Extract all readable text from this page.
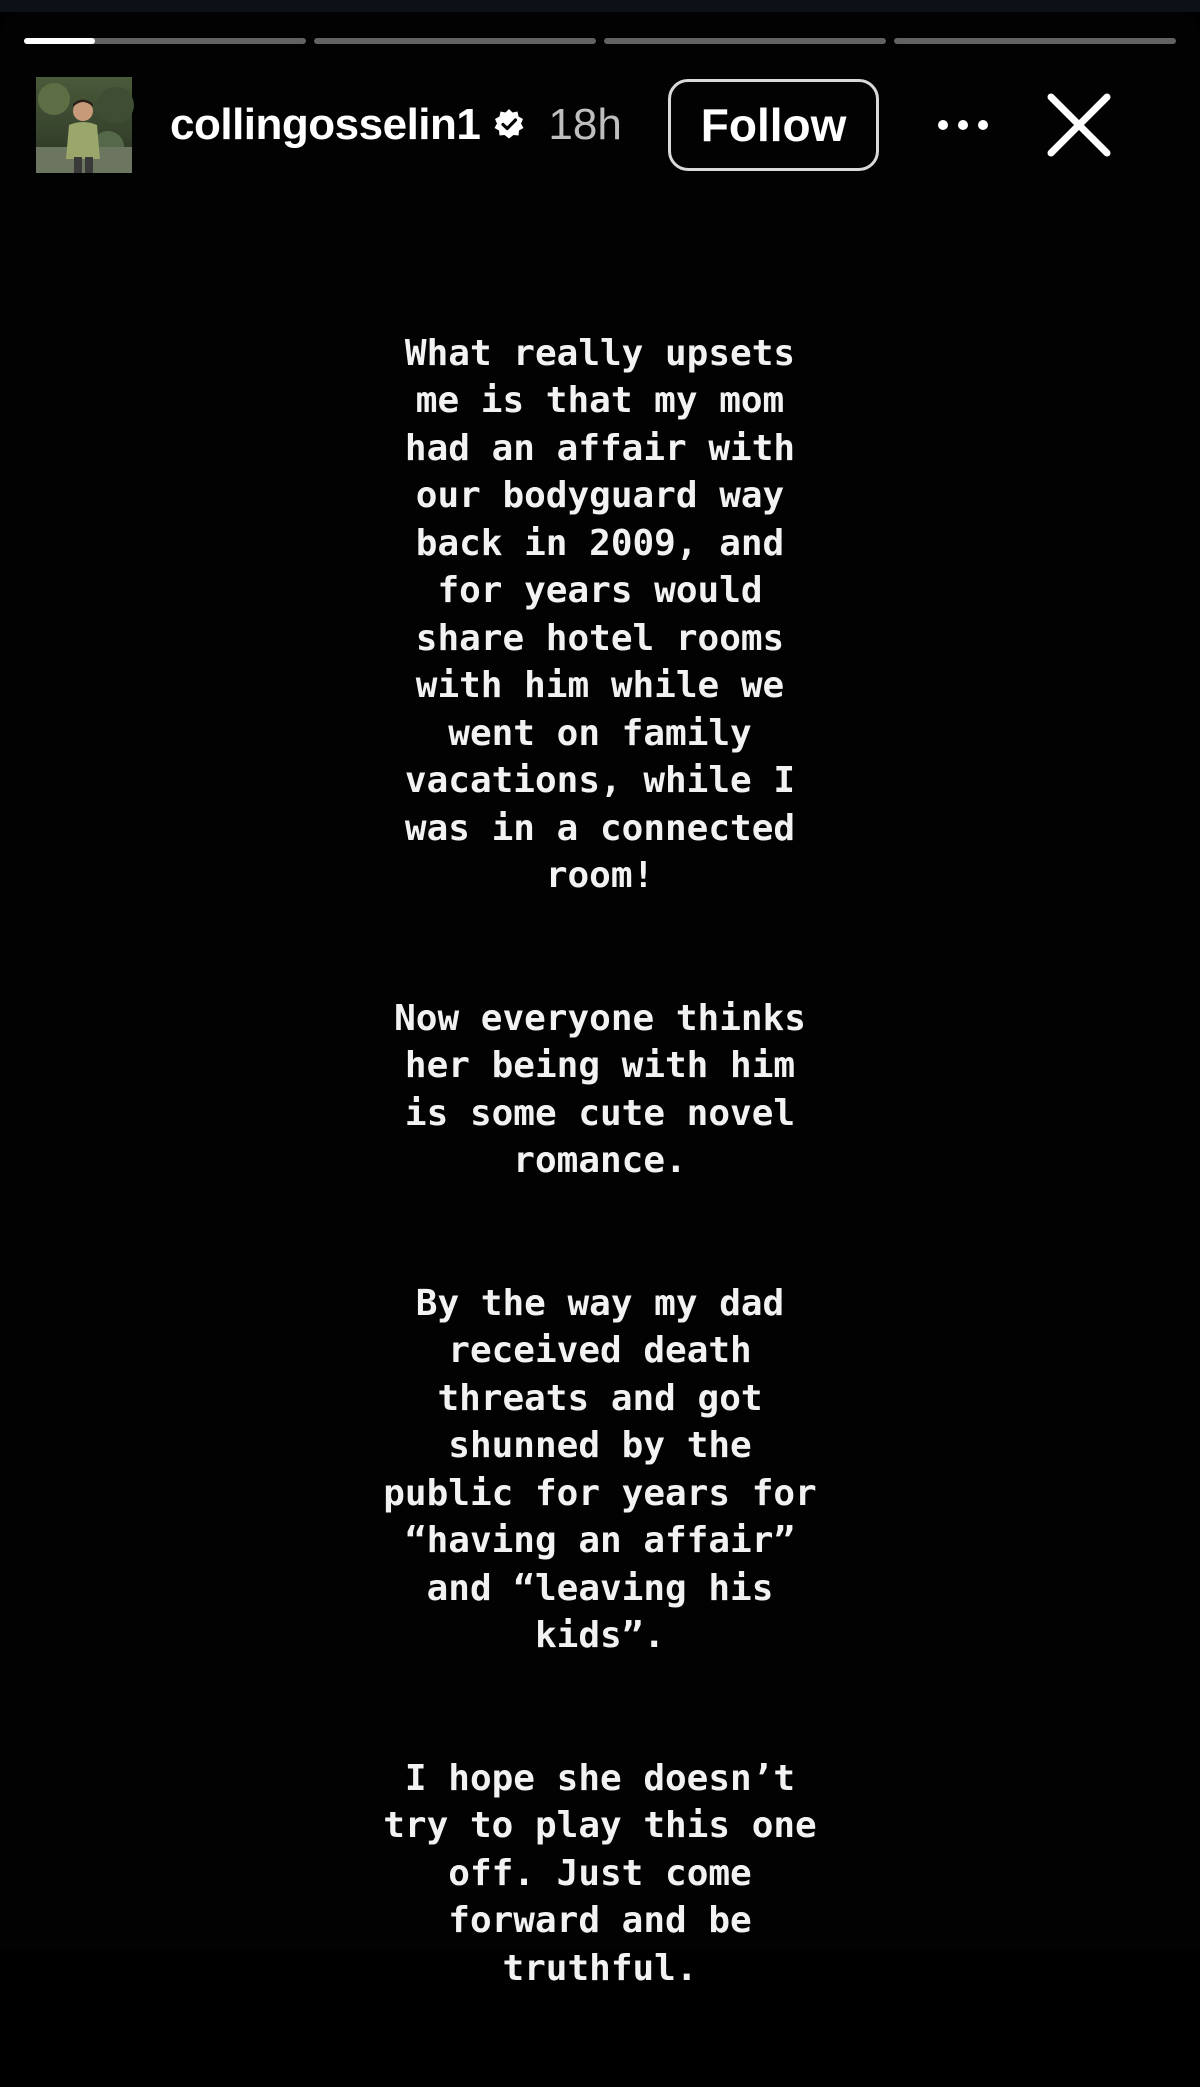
collingosselin1 18h	Follow

What really upsets
me is that my mom
had an affair with
our bodyguard way
back in 2009, and
for years would
share hotel rooms
with him while we
went on family
vacations, while I
was in a connected
room!

Now everyone thinks
her being with him
is some cute novel
romance.

By the way my dad
received death
threats and got
shunned by the
public for years for
“having an affair”
and “leaving his
kids”.

I hope she doesn’t
try to play this one
off. Just come
forward and be
truthful.
